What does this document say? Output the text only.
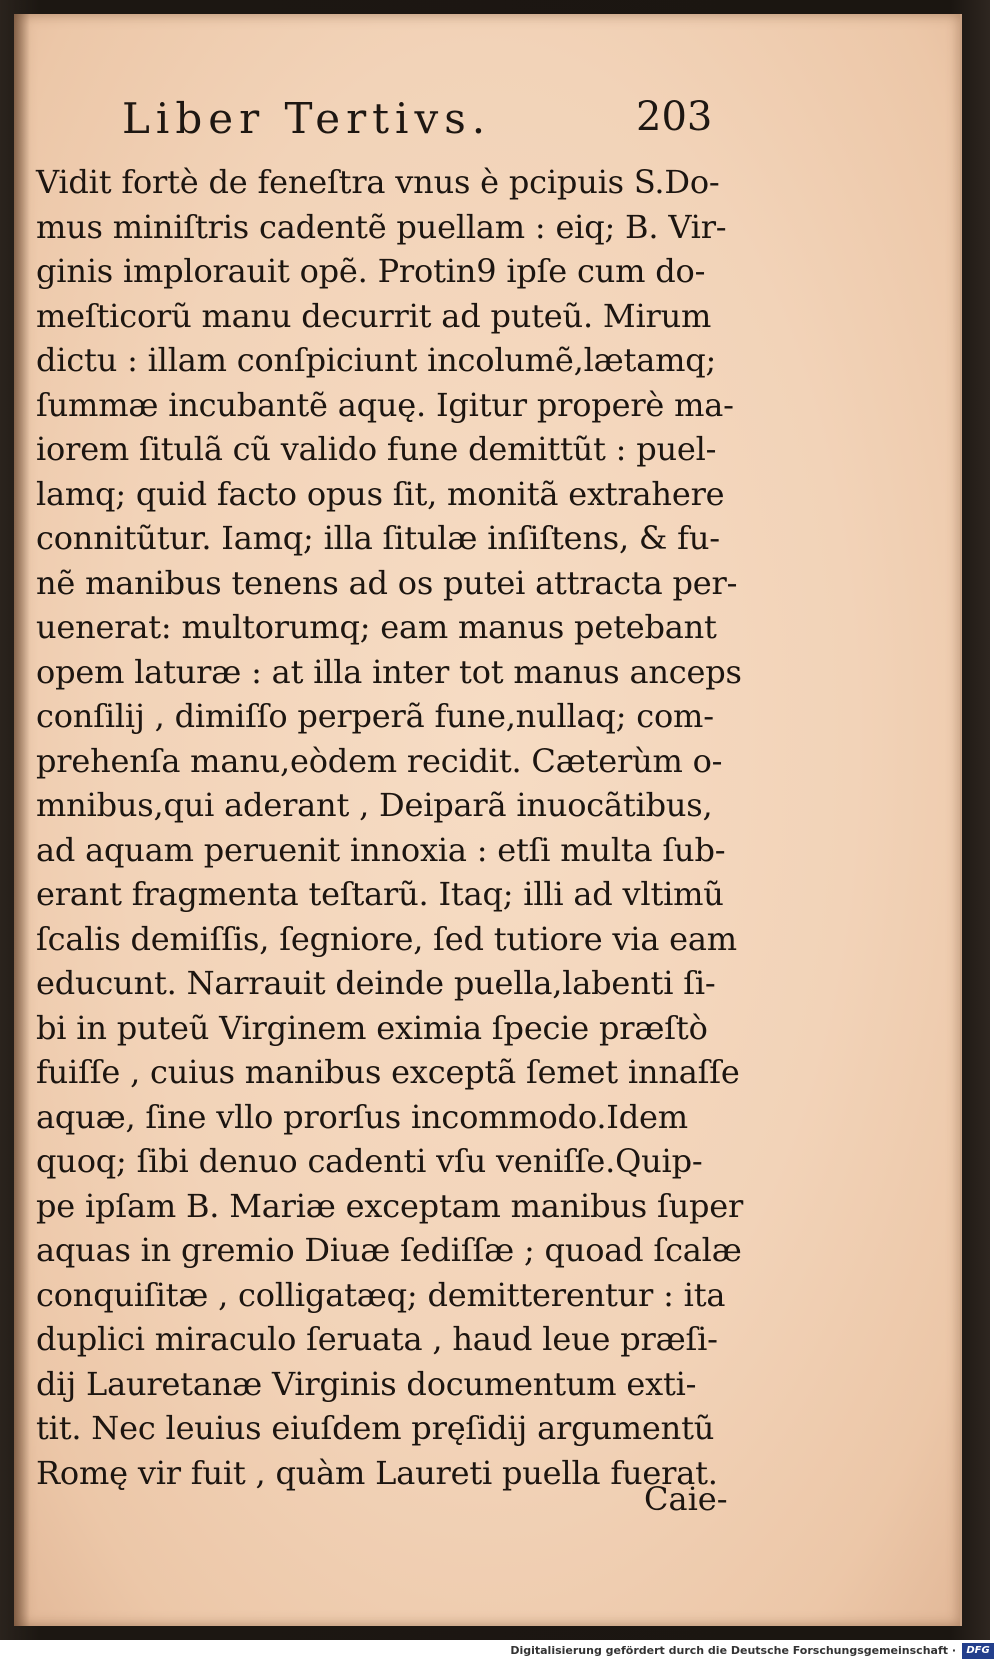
Liber Tertivs.	203
Vidit fortè de feneſtra vnus è pcipuis S.Do-
mus miniſtris cadentẽ puellam : eiq; B. Vir-
ginis implorauit opẽ. Protin9 ipſe cum do-
meſticorũ manu decurrit ad puteũ. Mirum
dictu : illam conſpiciunt incolumẽ,lætamq;
ſummæ incubantẽ aquę. Igitur properè ma-
iorem ſitulã cũ valido fune demittũt : puel-
lamq; quid facto opus ſit, monitã extrahere
connitũtur. Iamq; illa ſitulæ inſiſtens, & fu-
nẽ manibus tenens ad os putei attracta per-
uenerat: multorumq; eam manus petebant
opem laturæ : at illa inter tot manus anceps
conſilij , dimiſſo perperã fune,nullaq; com-
prehenſa manu,eòdem recidit. Cæterùm o-
mnibus,qui aderant , Deiparã inuocãtibus,
ad aquam peruenit innoxia : etſi multa ſub-
erant fragmenta teſtarũ. Itaq; illi ad vltimũ
ſcalis demiſſis, ſegniore, ſed tutiore via eam
educunt. Narrauit deinde puella,labenti ſi-
bi in puteũ Virginem eximia ſpecie præſtò
fuiſſe , cuius manibus exceptã ſemet innaſſe
aquæ, ſine vllo prorſus incommodo.Idem
quoq; ſibi denuo cadenti vſu veniſſe.Quip-
pe ipſam B. Mariæ exceptam manibus ſuper
aquas in gremio Diuæ ſediſſæ ; quoad ſcalæ
conquiſitæ , colligatæq; demitterentur : ita
duplici miraculo ſeruata , haud leue præſi-
dij Lauretanæ Virginis documentum exti-
tit. Nec leuius eiuſdem pręſidij argumentũ
Romę vir fuit , quàm Laureti puella fuerat.
Caie-
Digitalisierung gefördert durch die Deutsche Forschungsgemeinschaft ·	DFG
